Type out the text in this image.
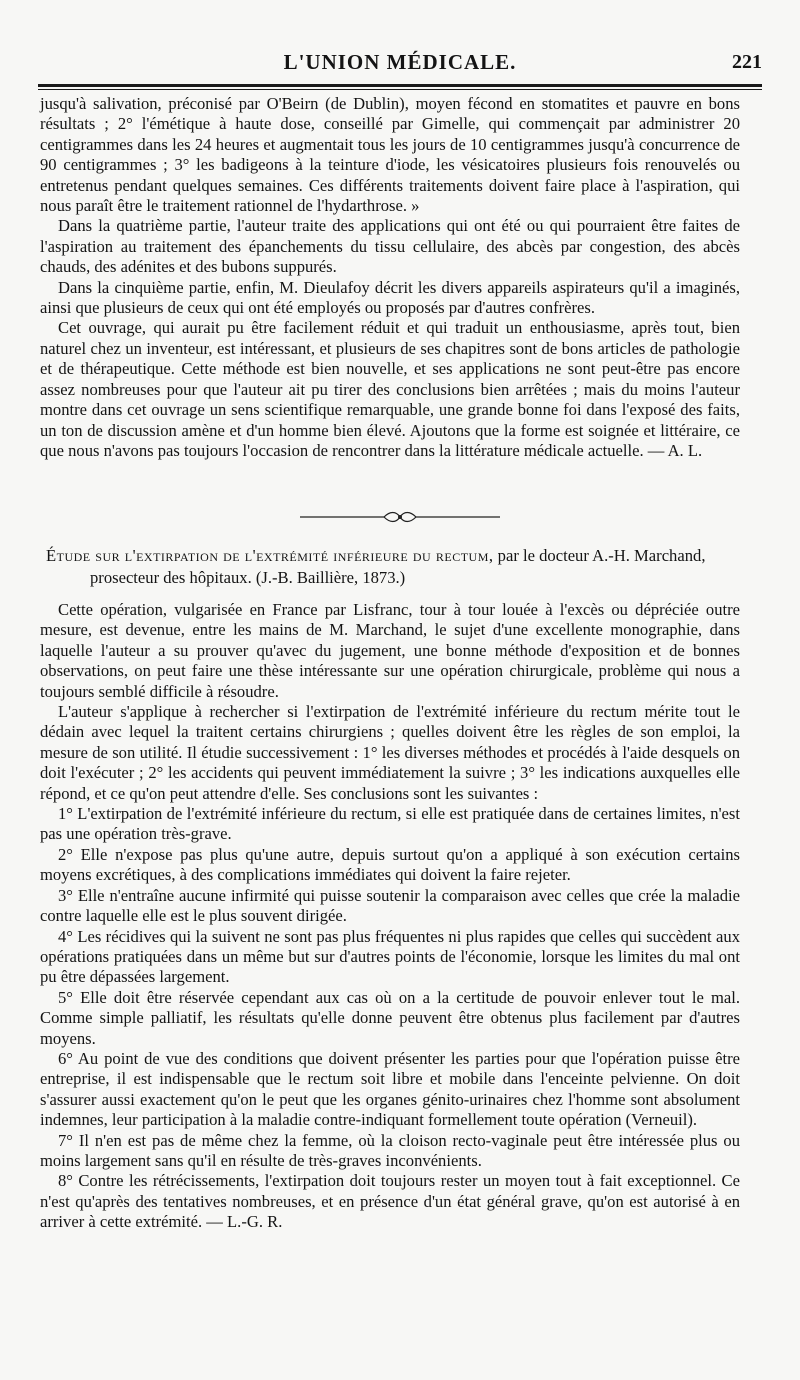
L'UNION MÉDICALE.	221

jusqu'à salivation, préconisé par O'Beirn (de Dublin), moyen fécond en stomatites et pauvre en bons résultats ; 2° l'émétique à haute dose, conseillé par Gimelle, qui commençait par administrer 20 centigrammes dans les 24 heures et augmentait tous les jours de 10 centigrammes jusqu'à concurrence de 90 centigrammes ; 3° les badigeons à la teinture d'iode, les vésicatoires plusieurs fois renouvelés ou entretenus pendant quelques semaines. Ces différents traitements doivent faire place à l'aspiration, qui nous paraît être le traitement rationnel de l'hydarthrose. »

Dans la quatrième partie, l'auteur traite des applications qui ont été ou qui pourraient être faites de l'aspiration au traitement des épanchements du tissu cellulaire, des abcès par congestion, des abcès chauds, des adénites et des bubons suppurés.

Dans la cinquième partie, enfin, M. Dieulafoy décrit les divers appareils aspirateurs qu'il a imaginés, ainsi que plusieurs de ceux qui ont été employés ou proposés par d'autres confrères.

Cet ouvrage, qui aurait pu être facilement réduit et qui traduit un enthousiasme, après tout, bien naturel chez un inventeur, est intéressant, et plusieurs de ses chapitres sont de bons articles de pathologie et de thérapeutique. Cette méthode est bien nouvelle, et ses applications ne sont peut-être pas encore assez nombreuses pour que l'auteur ait pu tirer des conclusions bien arrêtées ; mais du moins l'auteur montre dans cet ouvrage un sens scientifique remarquable, une grande bonne foi dans l'exposé des faits, un ton de discussion amène et d'un homme bien élevé. Ajoutons que la forme est soignée et littéraire, ce que nous n'avons pas toujours l'occasion de rencontrer dans la littérature médicale actuelle. — A. L.

Étude sur l'extirpation de l'extrémité inférieure du rectum, par le docteur A.-H. Marchand,
prosecteur des hôpitaux. (J.-B. Baillière, 1873.)

Cette opération, vulgarisée en France par Lisfranc, tour à tour louée à l'excès ou dépréciée outre mesure, est devenue, entre les mains de M. Marchand, le sujet d'une excellente monographie, dans laquelle l'auteur a su prouver qu'avec du jugement, une bonne méthode d'exposition et de bonnes observations, on peut faire une thèse intéressante sur une opération chirurgicale, problème qui nous a toujours semblé difficile à résoudre.

L'auteur s'applique à rechercher si l'extirpation de l'extrémité inférieure du rectum mérite tout le dédain avec lequel la traitent certains chirurgiens ; quelles doivent être les règles de son emploi, la mesure de son utilité. Il étudie successivement : 1° les diverses méthodes et procédés à l'aide desquels on doit l'exécuter ; 2° les accidents qui peuvent immédiatement la suivre ; 3° les indications auxquelles elle répond, et ce qu'on peut attendre d'elle. Ses conclusions sont les suivantes :

1° L'extirpation de l'extrémité inférieure du rectum, si elle est pratiquée dans de certaines limites, n'est pas une opération très-grave.

2° Elle n'expose pas plus qu'une autre, depuis surtout qu'on a appliqué à son exécution certains moyens excrétiques, à des complications immédiates qui doivent la faire rejeter.

3° Elle n'entraîne aucune infirmité qui puisse soutenir la comparaison avec celles que crée la maladie contre laquelle elle est le plus souvent dirigée.

4° Les récidives qui la suivent ne sont pas plus fréquentes ni plus rapides que celles qui succèdent aux opérations pratiquées dans un même but sur d'autres points de l'économie, lorsque les limites du mal ont pu être dépassées largement.

5° Elle doit être réservée cependant aux cas où on a la certitude de pouvoir enlever tout le mal. Comme simple palliatif, les résultats qu'elle donne peuvent être obtenus plus facilement par d'autres moyens.

6° Au point de vue des conditions que doivent présenter les parties pour que l'opération puisse être entreprise, il est indispensable que le rectum soit libre et mobile dans l'enceinte pelvienne. On doit s'assurer aussi exactement qu'on le peut que les organes génito-urinaires chez l'homme sont absolument indemnes, leur participation à la maladie contre-indiquant formellement toute opération (Verneuil).

7° Il n'en est pas de même chez la femme, où la cloison recto-vaginale peut être intéressée plus ou moins largement sans qu'il en résulte de très-graves inconvénients.

8° Contre les rétrécissements, l'extirpation doit toujours rester un moyen tout à fait exceptionnel. Ce n'est qu'après des tentatives nombreuses, et en présence d'un état général grave, qu'on est autorisé à en arriver à cette extrémité. — L.-G. R.
